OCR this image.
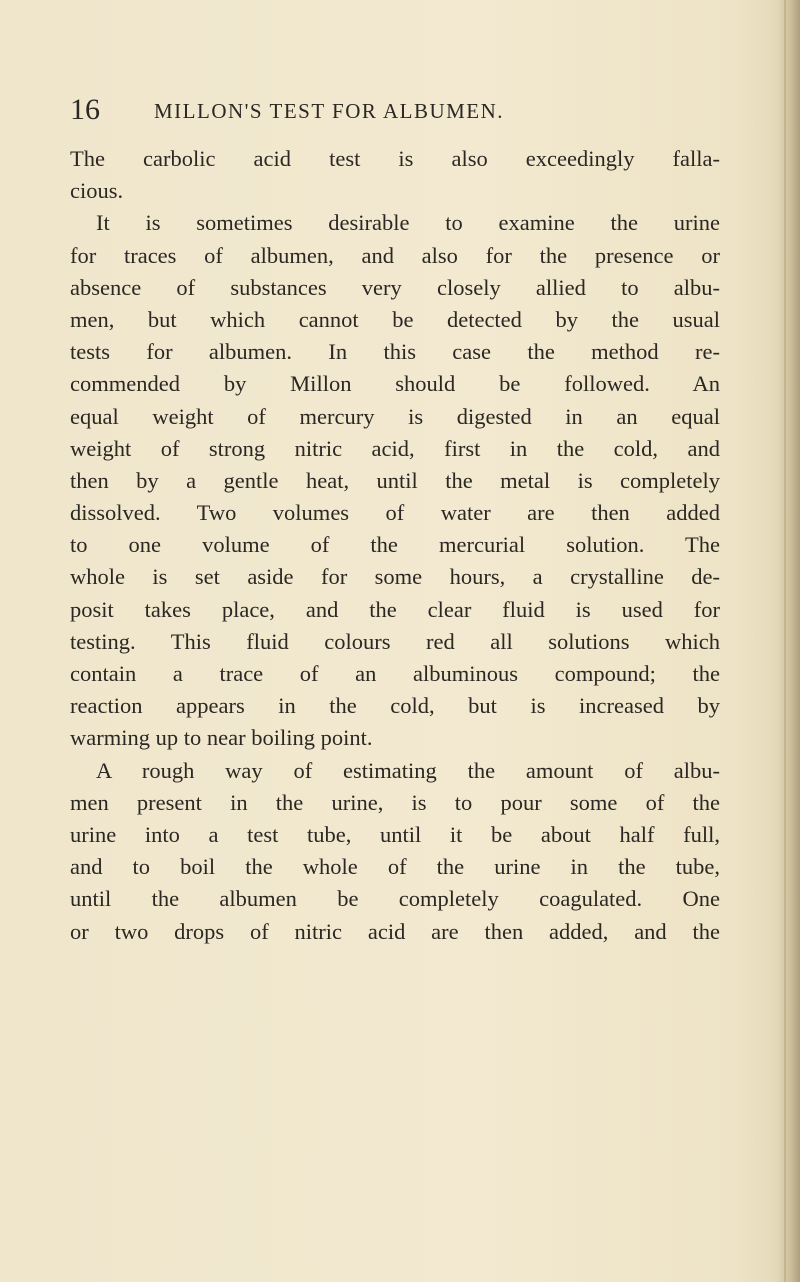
16	MILLON'S TEST FOR ALBUMEN.
The carbolic acid test is also exceedingly falla-
cious.
It is sometimes desirable to examine the urine
for traces of albumen, and also for the presence or
absence of substances very closely allied to albu-
men, but which cannot be detected by the usual
tests for albumen. In this case the method re-
commended by Millon should be followed. An
equal weight of mercury is digested in an equal
weight of strong nitric acid, first in the cold, and
then by a gentle heat, until the metal is completely
dissolved. Two volumes of water are then added
to one volume of the mercurial solution. The
whole is set aside for some hours, a crystalline de-
posit takes place, and the clear fluid is used for
testing. This fluid colours red all solutions which
contain a trace of an albuminous compound; the
reaction appears in the cold, but is increased by
warming up to near boiling point.
A rough way of estimating the amount of albu-
men present in the urine, is to pour some of the
urine into a test tube, until it be about half full,
and to boil the whole of the urine in the tube,
until the albumen be completely coagulated. One
or two drops of nitric acid are then added, and the
